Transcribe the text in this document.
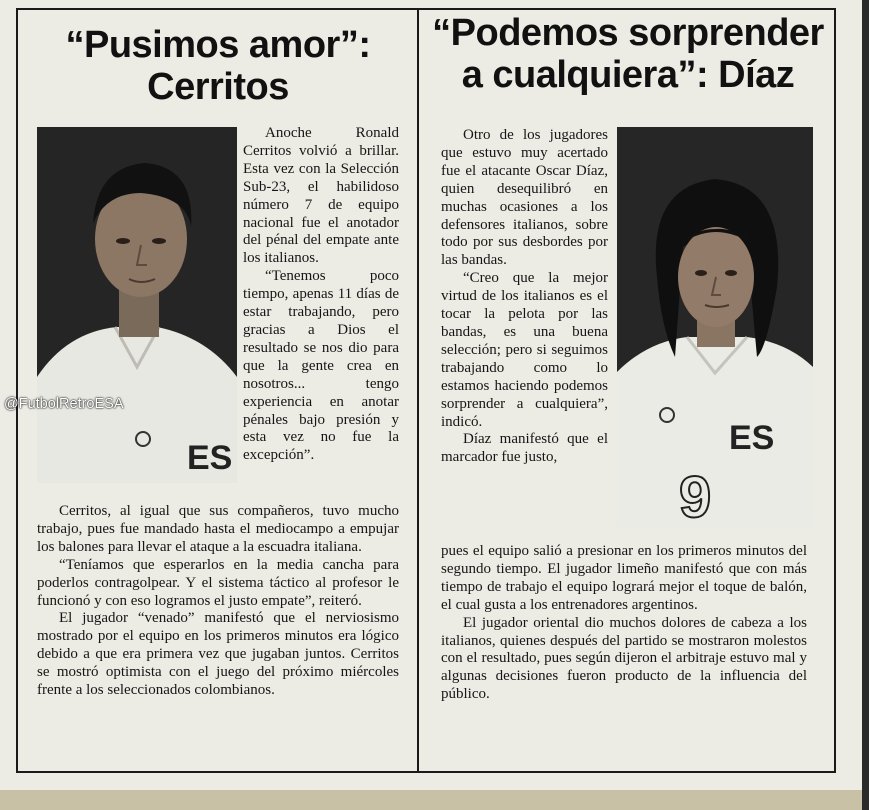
“Pusimos amor”:
Cerritos
ES

Anoche Ronald Cerritos volvió a brillar. Esta vez con la Selección Sub-23, el habilidoso número 7 de equipo nacional fue el anotador del pénal del empate ante los italianos.

“Tenemos poco tiempo, apenas 11 días de estar trabajando, pero gracias a Dios el resultado se nos dio para que la gente crea en nosotros... tengo experiencia en anotar pénales bajo presión y esta vez no fue la excepción”.

Cerritos, al igual que sus compañeros, tuvo mucho trabajo, pues fue mandado hasta el mediocampo a empujar los balones para llevar el ataque a la escuadra italiana.

“Teníamos que esperarlos en la media cancha para poderlos contragolpear. Y el sistema táctico al profesor le funcionó y con eso logramos el justo empate”, reiteró.

El jugador “venado” manifestó que el nerviosismo mostrado por el equipo en los primeros minutos era lógico debido a que era primera vez que jugaban juntos. Cerritos se mostró optimista con el juego del próximo miércoles frente a los seleccionados colombianos.

“Podemos sorprender
a cualquiera”: Díaz
ES
9

Otro de los jugadores que estuvo muy acertado fue el atacante Oscar Díaz, quien desequilibró en muchas ocasiones a los defensores italianos, sobre todo por sus desbordes por las bandas.

“Creo que la mejor virtud de los italianos es el tocar la pelota por las bandas, es una buena selección; pero si seguimos trabajando como lo estamos haciendo podemos sorprender a cualquiera”, indicó.

Díaz manifestó que el marcador fue justo,

pues el equipo salió a presionar en los primeros minutos del segundo tiempo. El jugador limeño manifestó que con más tiempo de trabajo el equipo logrará mejor el toque de balón, el cual gusta a los entrenadores argentinos.

El jugador oriental dio muchos dolores de cabeza a los italianos, quienes después del partido se mostraron molestos con el resultado, pues según dijeron el arbitraje estuvo mal y algunas decisiones fueron producto de la influencia del público.

@FutbolRetroESA
